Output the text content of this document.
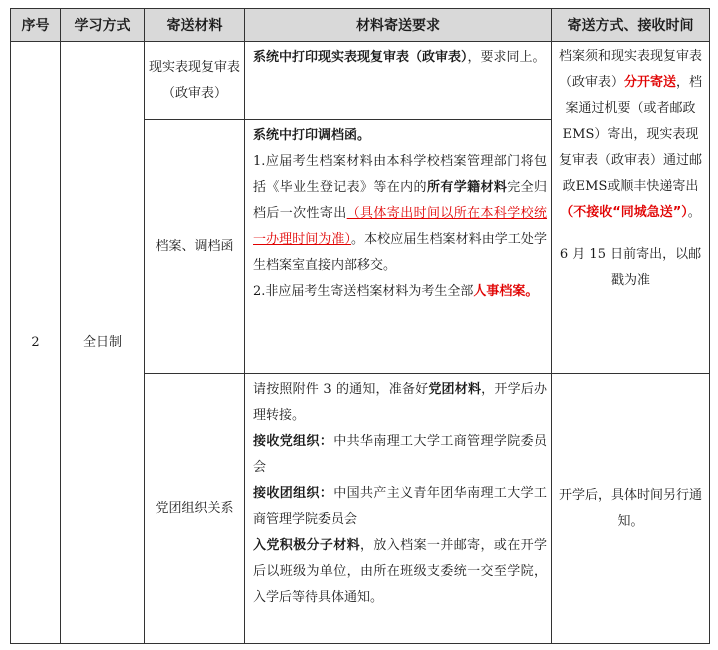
序号	学习方式	寄送材料	材料寄送要求	寄送方式、接收时间
2	全日制	现实表现复审表（政审表）	系统中打印现实表现复审表（政审表），要求同上。	档案须和现实表现复审表（政审表）分开寄送，档案通过机要（或者邮政 EMS）寄出，现实表现复审表（政审表）通过邮政EMS或顺丰快递寄出（不接收“同城急送”）。
6 月 15 日前寄出，以邮戳为准

		档案、调档函	系统中打印调档函。
1.应届考生档案材料由本科学校档案管理部门将包括《毕业生登记表》等在内的所有学籍材料完全归档后一次性寄出（具体寄出时间以所在本科学校统一办理时间为准）。本校应届生档案材料由学工处学生档案室直接内部移交。
2.非应届考生寄送档案材料为考生全部人事档案。	

		党团组织关系	请按照附件 3 的通知，准备好党团材料，开学后办理转接。
接收党组织：中共华南理工大学工商管理学院委员会
接收团组织：中国共产主义青年团华南理工大学工商管理学院委员会
入党积极分子材料，放入档案一并邮寄，或在开学后以班级为单位，由所在班级支委统一交至学院，入学后等待具体通知。	开学后，具体时间另行通知。
